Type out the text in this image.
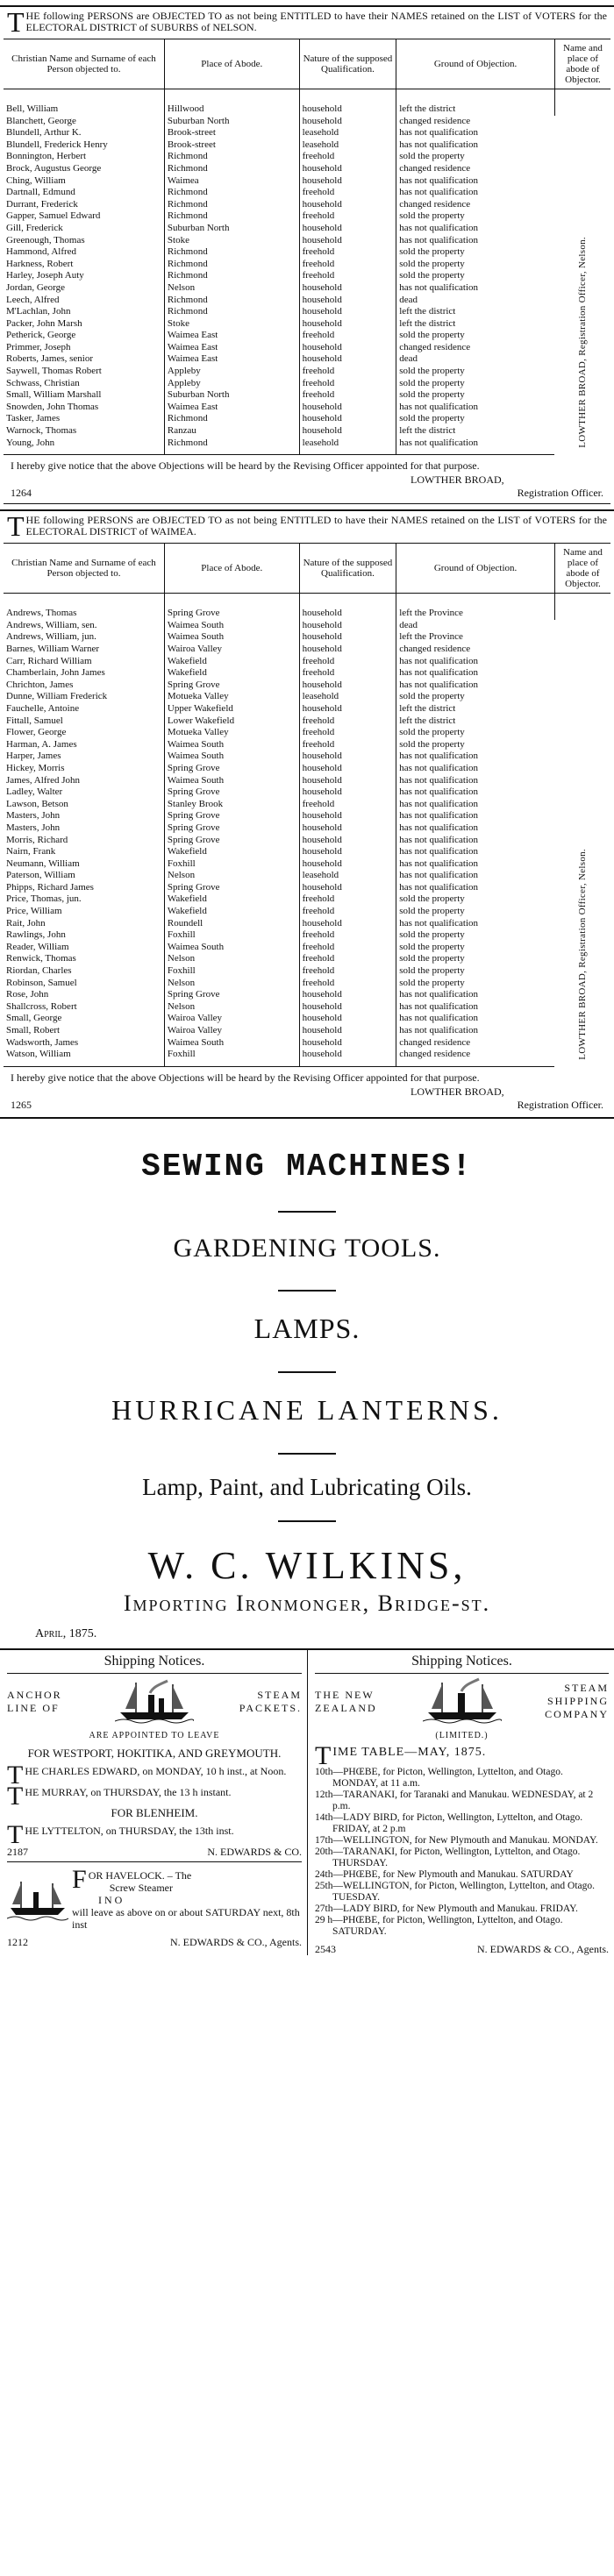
THE following PERSONS are OBJECTED TO as not being ENTITLED to have their NAMES retained on the LIST of VOTERS for the ELECTORAL DISTRICT of SUBURBS of NELSON.
Christian Name and Surname of each Person objected to.	Place of Abode.	Nature of the supposed Qualification.	Ground of Objection.	Name and place of abode of Objector.
Bell, William	Hillwood	household	left the district	LOWTHER BROAD, Registration Officer, Nelson.

Blanchett, George	Suburban North	household	changed residence	
Blundell, Arthur K.	Brook-street	leasehold	has not qualification	
Blundell, Frederick Henry	Brook-street	leasehold	has not qualification	
Bonnington, Herbert	Richmond	freehold	sold the property	
Brock, Augustus George	Richmond	household	changed residence	
Ching, William	Waimea	household	has not qualification	
Dartnall, Edmund	Richmond	freehold	has not qualification	
Durrant, Frederick	Richmond	household	changed residence	
Gapper, Samuel Edward	Richmond	freehold	sold the property	
Gill, Frederick	Suburban North	household	has not qualification	
Greenough, Thomas	Stoke	household	has not qualification	
Hammond, Alfred	Richmond	freehold	sold the property	
Harkness, Robert	Richmond	freehold	sold the property	
Harley, Joseph Auty	Richmond	freehold	sold the property	
Jordan, George	Nelson	household	has not qualification	
Leech, Alfred	Richmond	household	dead	
M'Lachlan, John	Richmond	household	left the district	
Packer, John Marsh	Stoke	household	left the district	
Petherick, George	Waimea East	freehold	sold the property	
Primmer, Joseph	Waimea East	household	changed residence	
Roberts, James, senior	Waimea East	household	dead	
Saywell, Thomas Robert	Appleby	freehold	sold the property	
Schwass, Christian	Appleby	freehold	sold the property	
Small, William Marshall	Suburban North	freehold	sold the property	
Snowden, John Thomas	Waimea East	household	has not qualification	
Tasker, James	Richmond	household	sold the property	
Warnock, Thomas	Ranzau	household	left the district	
Young, John	Richmond	leasehold	has not qualification	
I hereby give notice that the above Objections will be heard by the Revising Officer appointed for that purpose.
1264
LOWTHER BROAD,
Registration Officer.
THE following PERSONS are OBJECTED TO as not being ENTITLED to have their NAMES retained on the LIST of VOTERS for the ELECTORAL DISTRICT of WAIMEA.
Christian Name and Surname of each Person objected to.	Place of Abode.	Nature of the supposed Qualification.	Ground of Objection.	Name and place of abode of Objector.
Andrews, Thomas	Spring Grove	household	left the Province	LOWTHER BROAD, Registration Officer, Nelson.

Andrews, William, sen.	Waimea South	household	dead	
Andrews, William, jun.	Waimea South	household	left the Province	
Barnes, William Warner	Wairoa Valley	household	changed residence	
Carr, Richard William	Wakefield	freehold	has not qualification	
Chamberlain, John James	Wakefield	freehold	has not qualification	
Chrichton, James	Spring Grove	household	has not qualification	
Dunne, William Frederick	Motueka Valley	leasehold	sold the property	
Fauchelle, Antoine	Upper Wakefield	household	left the district	
Fittall, Samuel	Lower Wakefield	freehold	left the district	
Flower, George	Motueka Valley	freehold	sold the property	
Harman, A. James	Waimea South	freehold	sold the property	
Harper, James	Waimea South	household	has not qualification	
Hickey, Morris	Spring Grove	household	has not qualification	
James, Alfred John	Waimea South	household	has not qualification	
Ladley, Walter	Spring Grove	household	has not qualification	
Lawson, Betson	Stanley Brook	freehold	has not qualification	
Masters, John	Spring Grove	household	has not qualification	
Masters, John	Spring Grove	household	has not qualification	
Morris, Richard	Spring Grove	household	has not qualification	
Nairn, Frank	Wakefield	household	has not qualification	
Neumann, William	Foxhill	household	has not qualification	
Paterson, William	Nelson	leasehold	has not qualification	
Phipps, Richard James	Spring Grove	household	has not qualification	
Price, Thomas, jun.	Wakefield	freehold	sold the property	
Price, William	Wakefield	freehold	sold the property	
Rait, John	Roundell	household	has not qualification	
Rawlings, John	Foxhill	freehold	sold the property	
Reader, William	Waimea South	freehold	sold the property	
Renwick, Thomas	Nelson	freehold	sold the property	
Riordan, Charles	Foxhill	freehold	sold the property	
Robinson, Samuel	Nelson	freehold	sold the property	
Rose, John	Spring Grove	household	has not qualification	
Shallcross, Robert	Nelson	household	has not qualification	
Small, George	Wairoa Valley	household	has not qualification	
Small, Robert	Wairoa Valley	household	has not qualification	
Wadsworth, James	Waimea South	household	changed residence	
Watson, William	Foxhill	household	changed residence	
I hereby give notice that the above Objections will be heard by the Revising Officer appointed for that purpose.
1265
LOWTHER BROAD,
Registration Officer.
SEWING MACHINES!
GARDENING TOOLS.
LAMPS.
HURRICANE LANTERNS.
Lamp, Paint, and Lubricating Oils.
W. C. WILKINS,
Importing Ironmonger, Bridge-st.
April, 1875.
Shipping Notices.
ANCHOR LINE OF
STEAM PACKETS.
ARE APPOINTED TO LEAVE
FOR WESTPORT, HOKITIKA, AND GREYMOUTH.
THE CHARLES EDWARD, on MONDAY, 10 h inst., at Noon.
THE MURRAY, on THURSDAY, the 13 h instant.
FOR BLENHEIM.
THE LYTTELTON, on THURSDAY, the 13th inst.
2187	N. EDWARDS & CO.
F OR HAVELOCK. – The
Screw Steamer
I N O
will leave as above on or about SATURDAY next, 8th inst
1212	N. EDWARDS & CO., Agents.
Shipping Notices.
THE NEW ZEALAND
STEAM SHIPPING COMPANY
(LIMITED.)
TIME TABLE—MAY, 1875.
10th—PHŒBE, for Picton, Wellington, Lyttelton, and Otago. MONDAY, at 11 a.m.
12th—TARANAKI, for Taranaki and Manukau. WEDNESDAY, at 2 p.m.
14th—LADY BIRD, for Picton, Wellington, Lyttelton, and Otago. FRIDAY, at 2 p.m
17th—WELLINGTON, for New Plymouth and Manukau. MONDAY.
20th—TARANAKI, for Picton, Wellington, Lyttelton, and Otago. THURSDAY.
24th—PHŒBE, for New Plymouth and Manukau. SATURDAY
25th—WELLINGTON, for Picton, Wellington, Lyttelton, and Otago. TUESDAY.
27th—LADY BIRD, for New Plymouth and Manukau. FRIDAY.
29 h—PHŒBE, for Picton, Wellington, Lyttelton, and Otago. SATURDAY.
2543	N. EDWARDS & CO., Agents.
